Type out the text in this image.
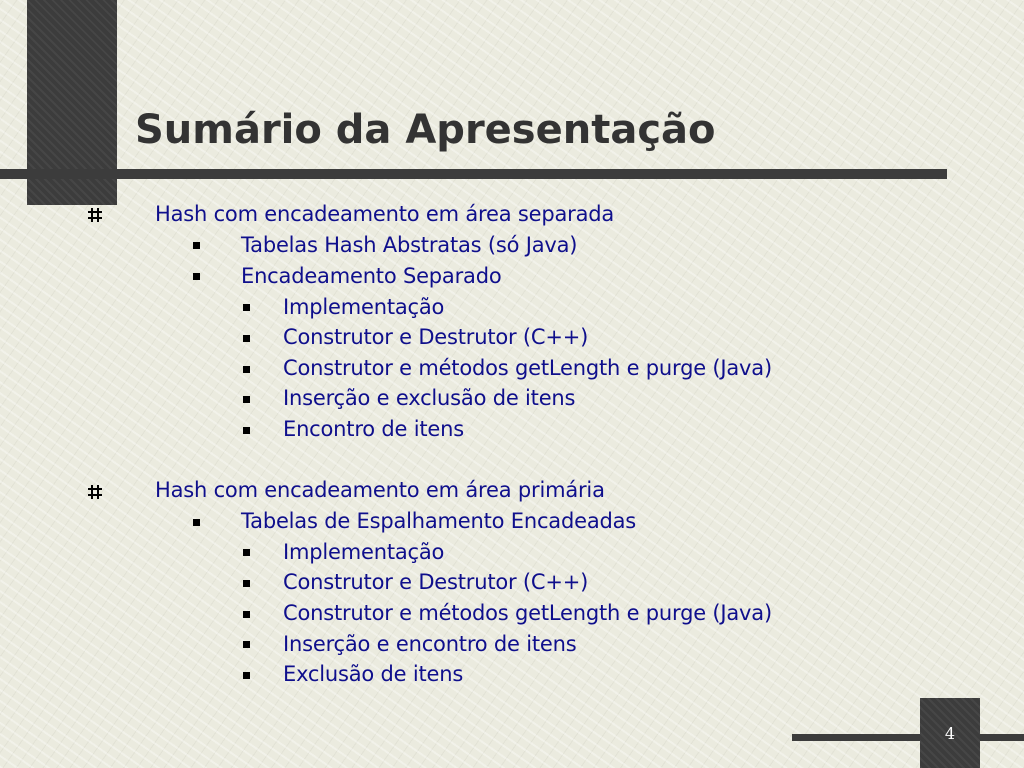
Sumário da Apresentação
Hash com encadeamento em área separada
Tabelas Hash Abstratas (só Java)
Encadeamento Separado
Implementação
Construtor e Destrutor (C++)
Construtor e métodos getLength e purge (Java)
Inserção e exclusão de itens
Encontro de itens
Hash com encadeamento em área primária
Tabelas de Espalhamento Encadeadas
Implementação
Construtor e Destrutor (C++)
Construtor e métodos getLength e purge (Java)
Inserção e encontro de itens
Exclusão de itens
4
